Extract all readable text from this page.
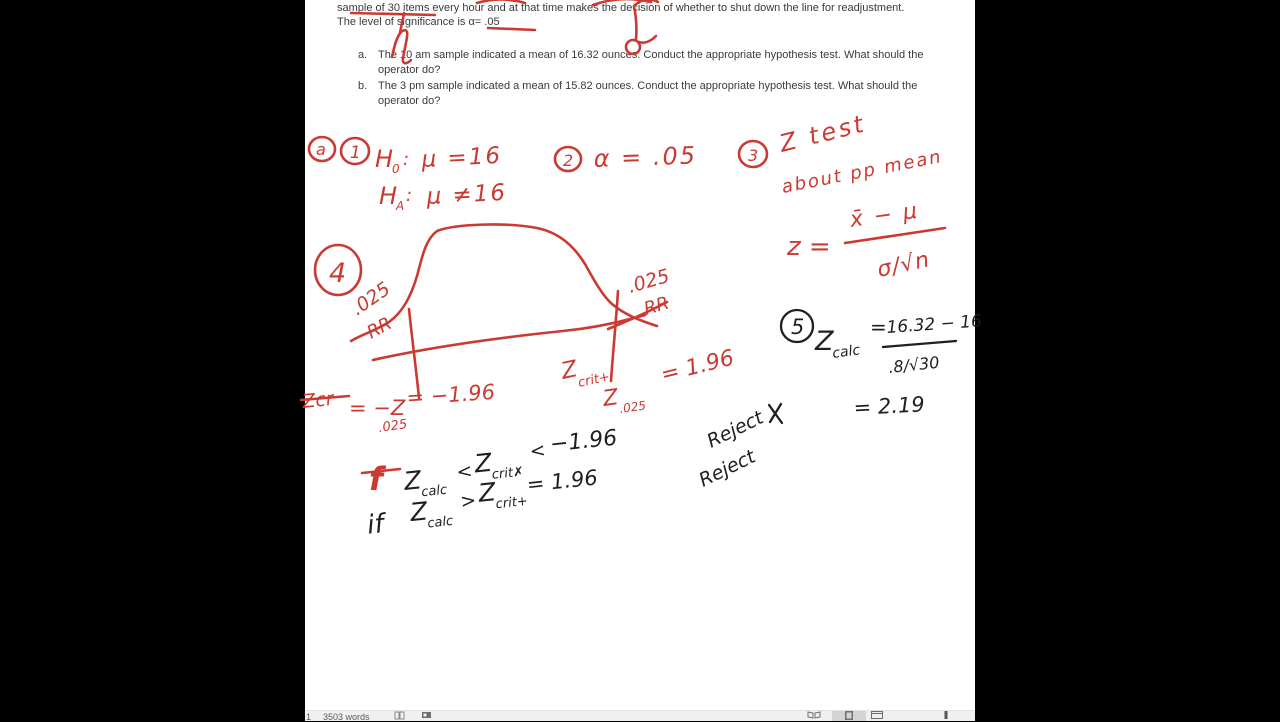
sample of 30 items every hour and at that time makes the decision of whether to shut down the line for readjustment.
The level of significance is α= .05
a. The 10 am sample indicated a mean of 16.32 ounces. Conduct the appropriate hypothesis test. What should the
operator do?
b. The 3 pm sample indicated a mean of 15.82 ounces. Conduct the appropriate hypothesis test. What should the
operator do?
a 1 H
0 : μ =16
H
A : μ ≠16
2 α = .05	3 Z test
about pp mean
z =
x̄ − μ
σ/√n
4
.025
RR
.025
RR
Zcr = −Z
.025
= −1.96
Z
crit+
Z
.025
= 1.96
f
5 Z
calc
= 16.32 − 16
.8/√30
= 2.19
Z
calc
< Z
crit✗
< −1.96
if Z
calc
> Z
crit+
= 1.96
Reject
Reject
1 3503 words
